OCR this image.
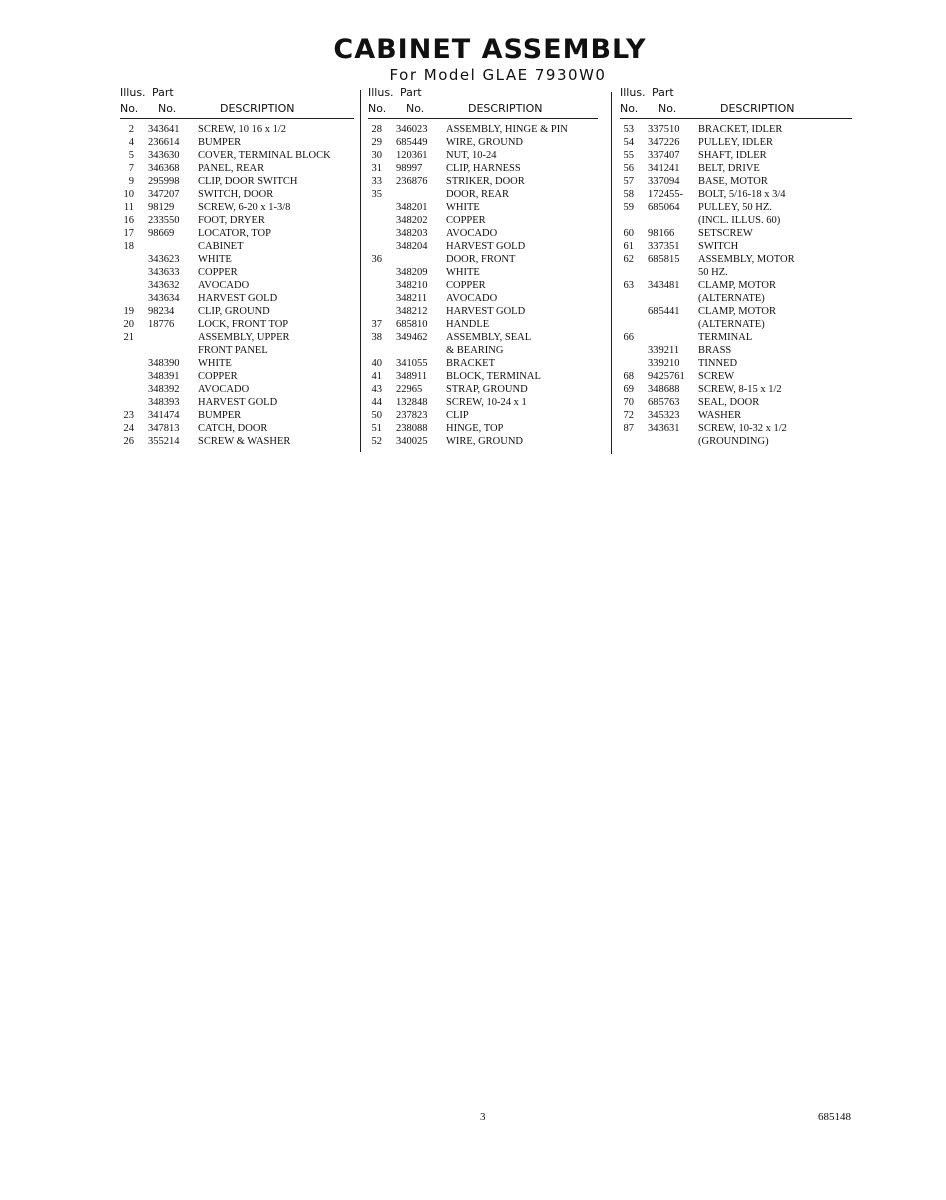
CABINET ASSEMBLY
For Model GLAE 7930W0
Illus. Part
No. No.	DESCRIPTION
2 343641 SCREW, 10 16 x 1/2
4 236614 BUMPER
5 343630 COVER, TERMINAL BLOCK
7 346368 PANEL, REAR
9 295998 CLIP, DOOR SWITCH
10 347207 SWITCH, DOOR
11 98129 SCREW, 6-20 x 1-3/8
16 233550 FOOT, DRYER
17 98669 LOCATOR, TOP
18	CABINET
343623 WHITE
343633 COPPER
343632 AVOCADO
343634 HARVEST GOLD
19 98234 CLIP, GROUND
20 18776 LOCK, FRONT TOP
21	ASSEMBLY, UPPER
FRONT PANEL
348390 WHITE
348391 COPPER
348392 AVOCADO
348393 HARVEST GOLD
23 341474 BUMPER
24 347813 CATCH, DOOR
26 355214 SCREW & WASHER
Illus. Part
No. No.	DESCRIPTION
28 346023 ASSEMBLY, HINGE & PIN
29 685449 WIRE, GROUND
30 120361 NUT, 10-24
31 98997 CLIP, HARNESS
33 236876 STRIKER, DOOR
35	DOOR, REAR
348201 WHITE
348202 COPPER
348203 AVOCADO
348204 HARVEST GOLD
36	DOOR, FRONT
348209 WHITE
348210 COPPER
348211 AVOCADO
348212 HARVEST GOLD
37 685810 HANDLE
38 349462 ASSEMBLY, SEAL
& BEARING
40 341055 BRACKET
41 348911 BLOCK, TERMINAL
43 22965 STRAP, GROUND
44 132848 SCREW, 10-24 x 1
50 237823 CLIP
51 238088 HINGE, TOP
52 340025 WIRE, GROUND
Illus. Part
No. No.	DESCRIPTION
53 337510 BRACKET, IDLER
54 347226 PULLEY, IDLER
55 337407 SHAFT, IDLER
56 341241 BELT, DRIVE
57 337094 BASE, MOTOR
58 172455- BOLT, 5/16-18 x 3/4
59 685064 PULLEY, 50 HZ.
(INCL. ILLUS. 60)
60 98166 SETSCREW
61 337351 SWITCH
62 685815 ASSEMBLY, MOTOR
50 HZ.
63 343481 CLAMP, MOTOR
(ALTERNATE)
685441 CLAMP, MOTOR
(ALTERNATE)
66	TERMINAL
339211 BRASS
339210 TINNED
68 9425761 SCREW
69 348688 SCREW, 8-15 x 1/2
70 685763 SEAL, DOOR
72 345323 WASHER
87 343631 SCREW, 10-32 x 1/2
(GROUNDING)
3	685148
